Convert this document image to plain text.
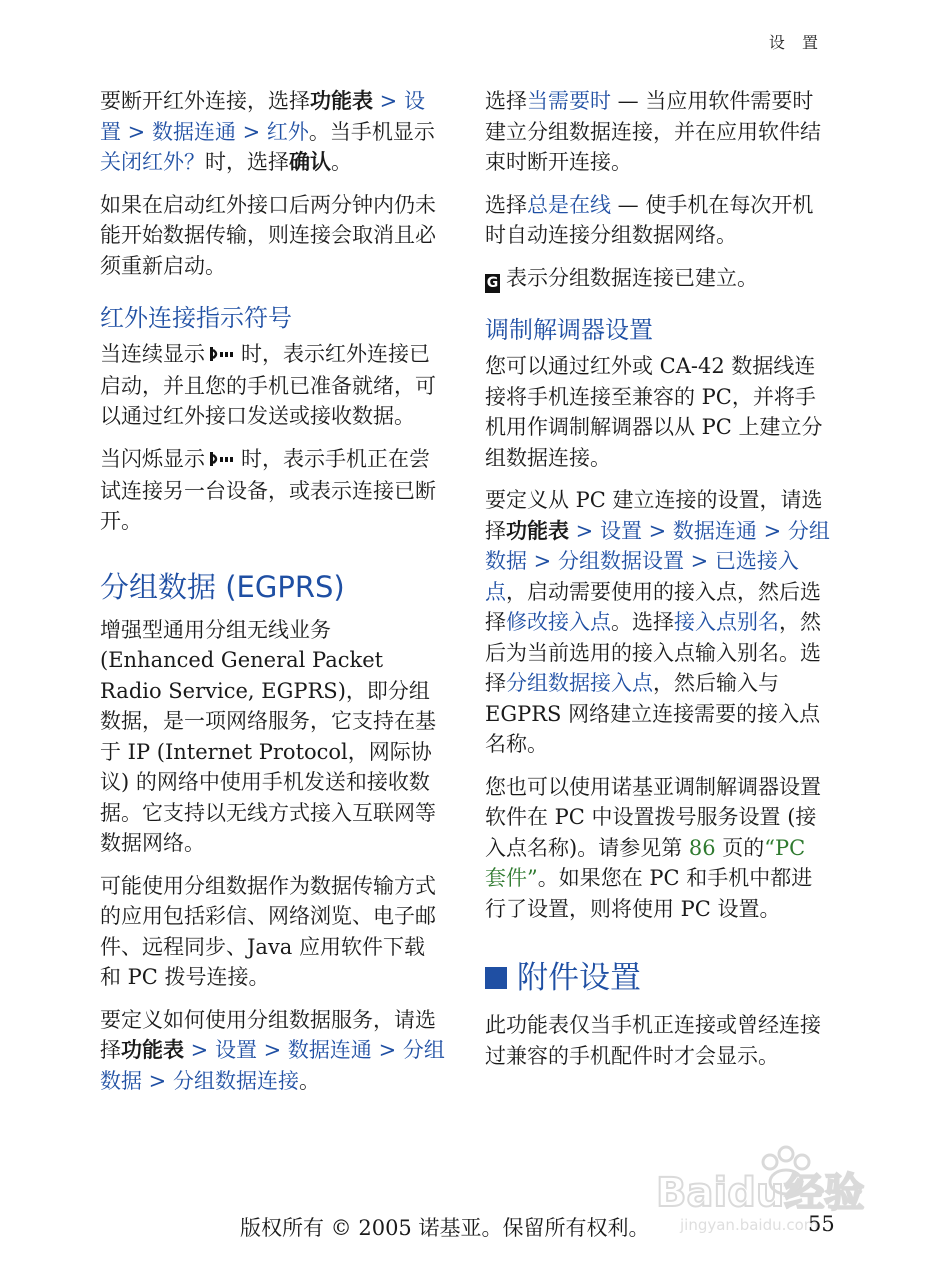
设 置

要断开红外连接，选择功能表 > 设置 > 数据连通 > 红外。当手机显示关闭红外？时，选择确认。

如果在启动红外接口后两分钟内仍未能开始数据传输，则连接会取消且必须重新启动。

红外连接指示符号

当连续显示 时，表示红外连接已启动，并且您的手机已准备就绪，可以通过红外接口发送或接收数据。

当闪烁显示 时，表示手机正在尝试连接另一台设备，或表示连接已断开。

分组数据 (EGPRS)

增强型通用分组无线业务 (Enhanced General Packet Radio Service, EGPRS)，即分组数据，是一项网络服务，它支持在基于 IP (Internet Protocol，网际协议) 的网络中使用手机发送和接收数据。它支持以无线方式接入互联网等数据网络。

可能使用分组数据作为数据传输方式的应用包括彩信、网络浏览、电子邮件、远程同步、Java 应用软件下载和 PC 拨号连接。

要定义如何使用分组数据服务，请选择功能表 > 设置 > 数据连通 > 分组数据 > 分组数据连接。

选择当需要时 — 当应用软件需要时建立分组数据连接，并在应用软件结束时断开连接。

选择总是在线 — 使手机在每次开机时自动连接分组数据网络。

G 表示分组数据连接已建立。

调制解调器设置

您可以通过红外或 CA-42 数据线连接将手机连接至兼容的 PC，并将手机用作调制解调器以从 PC 上建立分组数据连接。

要定义从 PC 建立连接的设置，请选择功能表 > 设置 > 数据连通 > 分组数据 > 分组数据设置 > 已选接入点，启动需要使用的接入点，然后选择修改接入点。选择接入点别名，然后为当前选用的接入点输入别名。选择分组数据接入点，然后输入与 EGPRS 网络建立连接需要的接入点名称。

您也可以使用诺基亚调制解调器设置软件在 PC 中设置拨号服务设置 (接入点名称)。请参见第 86 页的“PC 套件”。如果您在 PC 和手机中都进行了设置，则将使用 PC 设置。

附件设置

此功能表仅当手机正连接或曾经连接过兼容的手机配件时才会显示。

Baidu经验
jingyan.baidu.com
版权所有 © 2005 诺基亚。保留所有权利。	55
